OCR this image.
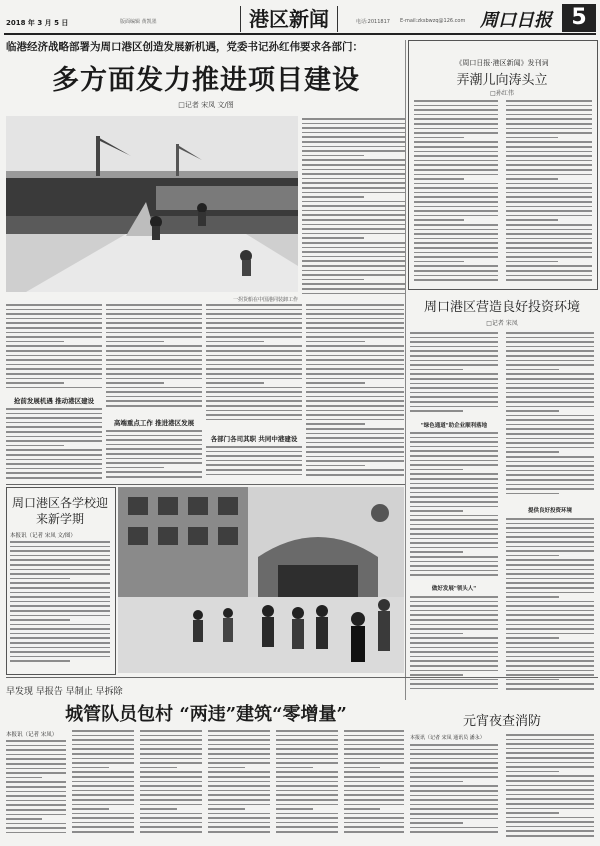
2018 年 3 月 5 日	版面编辑 黄凯墨	港区新闻	电话:2011817 E-mail:zksbwzq@126.com 周口日报 5
临港经济战略部署为周口港区创造发展新机遇，党委书记孙红伟要求各部门：
多方面发力推进项目建设
□记者 宋凤 文/图
一拐货船在中国港同装卸工作
抢前发展机遇 推动港区建设
高端重点工作 推进港区发展
各部门各司其职 共同中港建设
《周口日报·港区新闻》发刊词
弄潮儿向涛头立
□孙红伟
周口港区营造良好投资环境
□记者 宋凤
"绿色通道"助企业顺利落地
做好发展"领头人"
提供良好投资环境
周口港区各学校迎来新学期
本报讯（记者 宋凤 文/图）
早发现 早报告 早制止 早拆除
城管队员包村 “两违”建筑“零增量”
本报讯（记者 宋凤）
元宵夜查消防
本报讯（记者 宋凤 通讯员 潘永）
